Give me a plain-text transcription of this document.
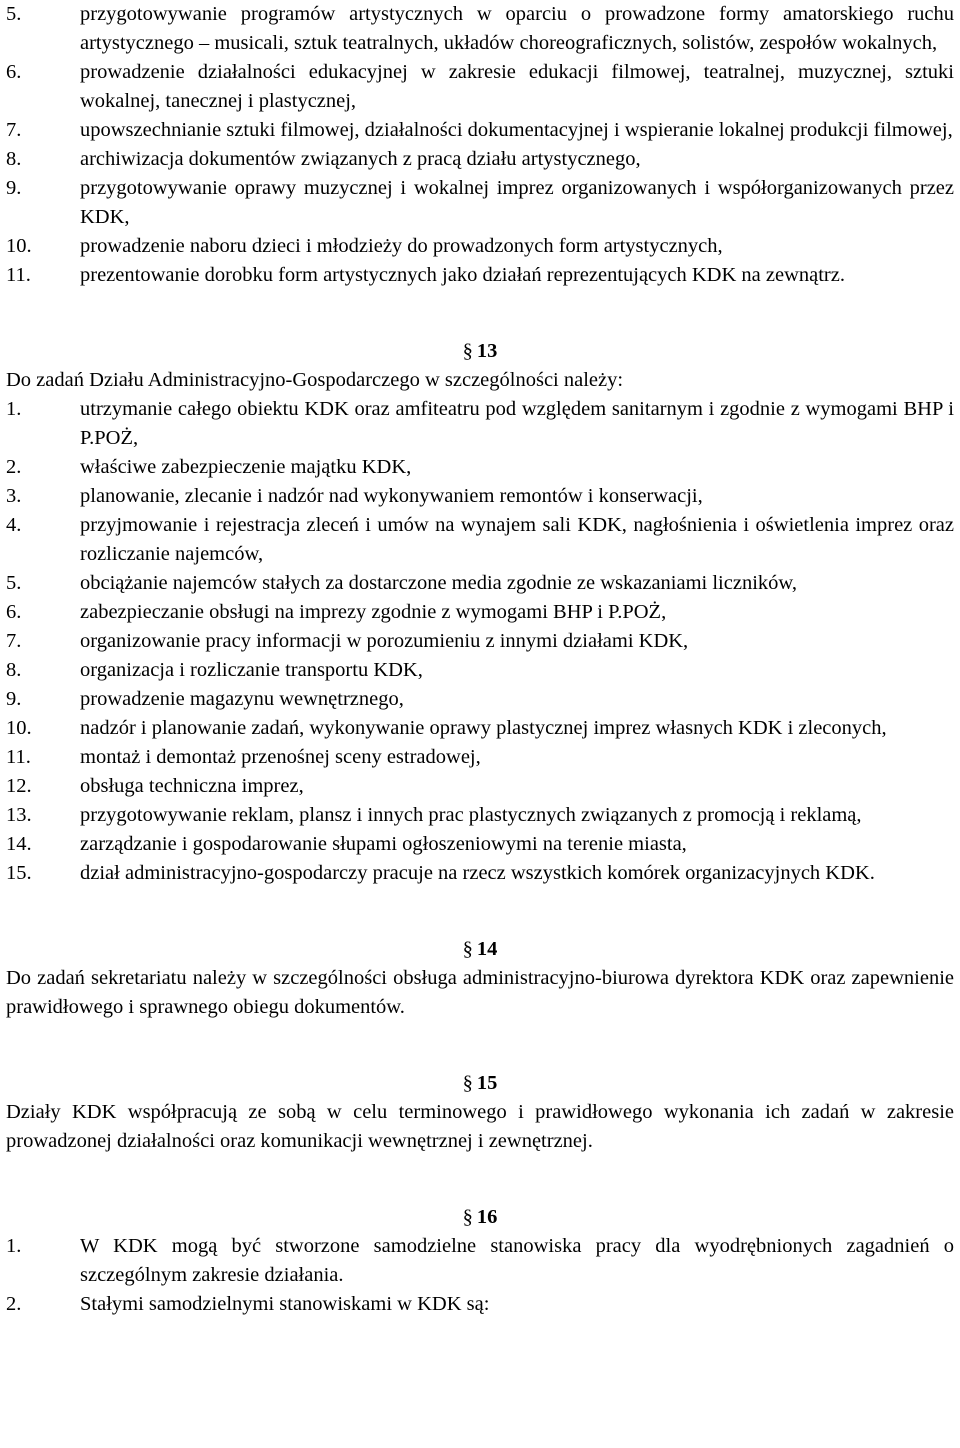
5.	przygotowywanie programów artystycznych w oparciu o prowadzone formy amatorskiego ruchu artystycznego – musicali, sztuk teatralnych, układów choreograficznych, solistów, zespołów wokalnych,
6.	prowadzenie działalności edukacyjnej w zakresie edukacji filmowej, teatralnej, muzycznej, sztuki wokalnej, tanecznej i plastycznej,
7.	upowszechnianie sztuki filmowej, działalności dokumentacyjnej i wspieranie lokalnej produkcji filmowej,
8.	archiwizacja dokumentów związanych z pracą działu artystycznego,
9.	przygotowywanie oprawy muzycznej i wokalnej imprez organizowanych i współorganizowanych przez KDK,
10.	prowadzenie naboru dzieci i młodzieży do prowadzonych form artystycznych,
11.	prezentowanie dorobku form artystycznych jako działań reprezentujących KDK na zewnątrz.

§ 13

Do zadań Działu Administracyjno-Gospodarczego w szczególności należy:

1.	utrzymanie całego obiektu KDK oraz amfiteatru pod względem sanitarnym i zgodnie z wymogami BHP i P.POŻ,
2.	właściwe zabezpieczenie majątku KDK,
3.	planowanie, zlecanie i nadzór nad wykonywaniem remontów i konserwacji,
4.	przyjmowanie i rejestracja zleceń i umów na wynajem sali KDK, nagłośnienia i oświetlenia imprez oraz rozliczanie najemców,
5.	obciążanie najemców stałych za dostarczone media zgodnie ze wskazaniami liczników,
6.	zabezpieczanie obsługi na imprezy zgodnie z wymogami BHP i P.POŻ,
7.	organizowanie pracy informacji w porozumieniu z innymi działami KDK,
8.	organizacja i rozliczanie transportu KDK,
9.	prowadzenie magazynu wewnętrznego,
10.	nadzór i planowanie zadań, wykonywanie oprawy plastycznej imprez własnych KDK i zleconych,
11.	montaż i demontaż przenośnej sceny estradowej,
12.	obsługa techniczna imprez,
13.	przygotowywanie reklam, plansz i innych prac plastycznych związanych z promocją i reklamą,
14.	zarządzanie i gospodarowanie słupami ogłoszeniowymi na terenie miasta,
15.	dział administracyjno-gospodarczy pracuje na rzecz wszystkich komórek organizacyjnych KDK.

§ 14

Do zadań sekretariatu należy w szczególności obsługa administracyjno-biurowa dyrektora KDK oraz zapewnienie prawidłowego i sprawnego obiegu dokumentów.

§ 15

Działy KDK współpracują ze sobą w celu terminowego i prawidłowego wykonania ich zadań w zakresie prowadzonej działalności oraz komunikacji wewnętrznej i zewnętrznej.

§ 16

1.	W KDK mogą być stworzone samodzielne stanowiska pracy dla wyodrębnionych zagadnień o szczególnym zakresie działania.
2.	Stałymi samodzielnymi stanowiskami w KDK są:
